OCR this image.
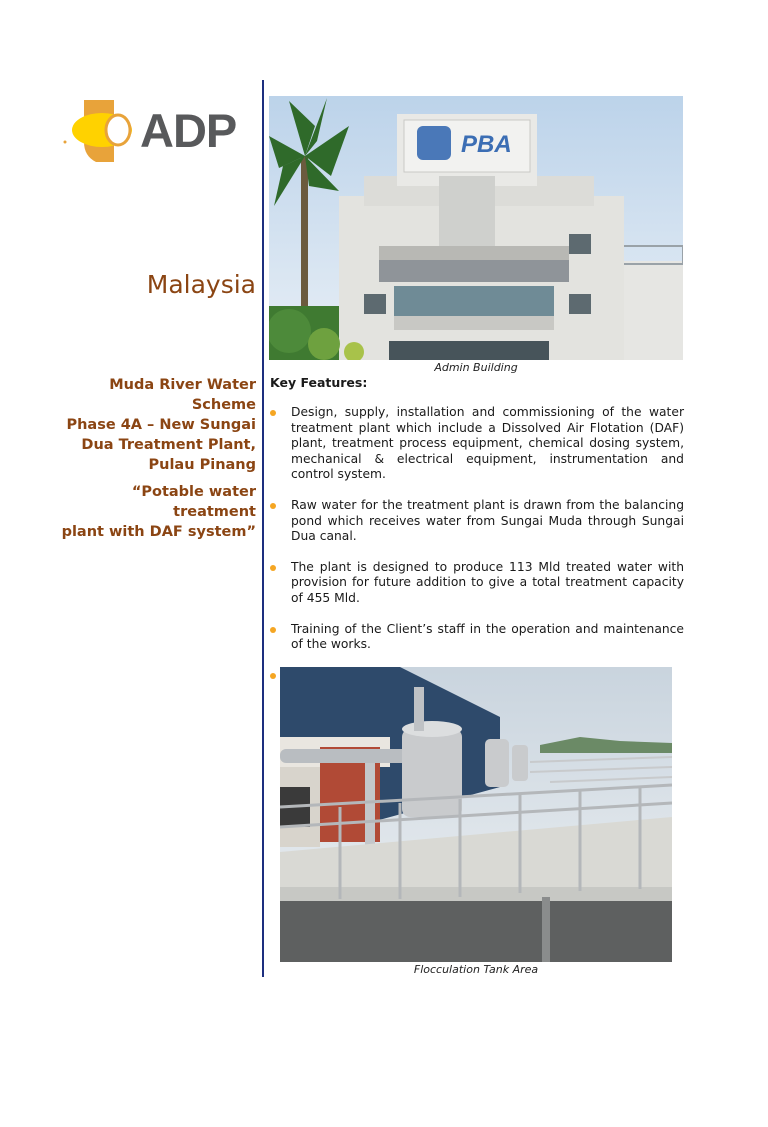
ADP
Malaysia
Muda River Water Scheme
Phase 4A – New Sungai
Dua Treatment Plant,
Pulau Pinang
“Potable water treatment
plant with DAF system”
PBA
Admin Building
Key Features:
Design, supply, installation and commissioning of the water treatment plant which include a Dissolved Air Flotation (DAF) plant, treatment process equipment, chemical dosing system, mechanical & electrical equipment, instrumentation and control system.
Raw water for the treatment plant is drawn from the balancing pond which receives water from Sungai Muda through Sungai Dua canal.
The plant is designed to produce 113 Mld treated water with provision for future addition to give a total treatment capacity of 455 Mld.
Training of the Client’s staff in the operation and maintenance of the works.
Flocculation Tank Area
